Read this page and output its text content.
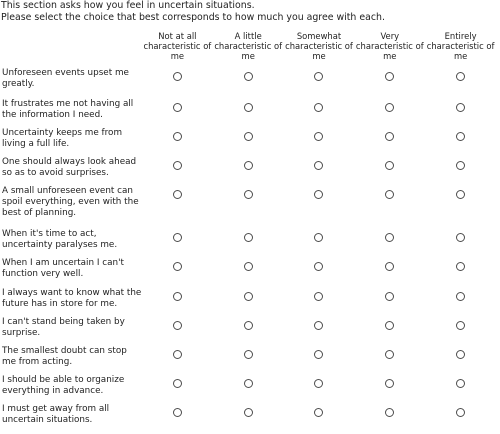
This section asks how you feel in uncertain situations.

Please select the choice that best corresponds to how much you agree with each.

	Not at all characteristic of me	A little characteristic of me	Somewhat characteristic of me	Very characteristic of me	Entirely characteristic of me
Unforeseen events upset me greatly.					
It frustrates me not having all the information I need.					
Uncertainty keeps me from living a full life.					
One should always look ahead so as to avoid surprises.					
A small unforeseen event can spoil everything, even with the best of planning.					
When it's time to act, uncertainty paralyses me.					
When I am uncertain I can't function very well.					
I always want to know what the future has in store for me.					
I can't stand being taken by surprise.					
The smallest doubt can stop me from acting.					
I should be able to organize everything in advance.					
I must get away from all uncertain situations.					
